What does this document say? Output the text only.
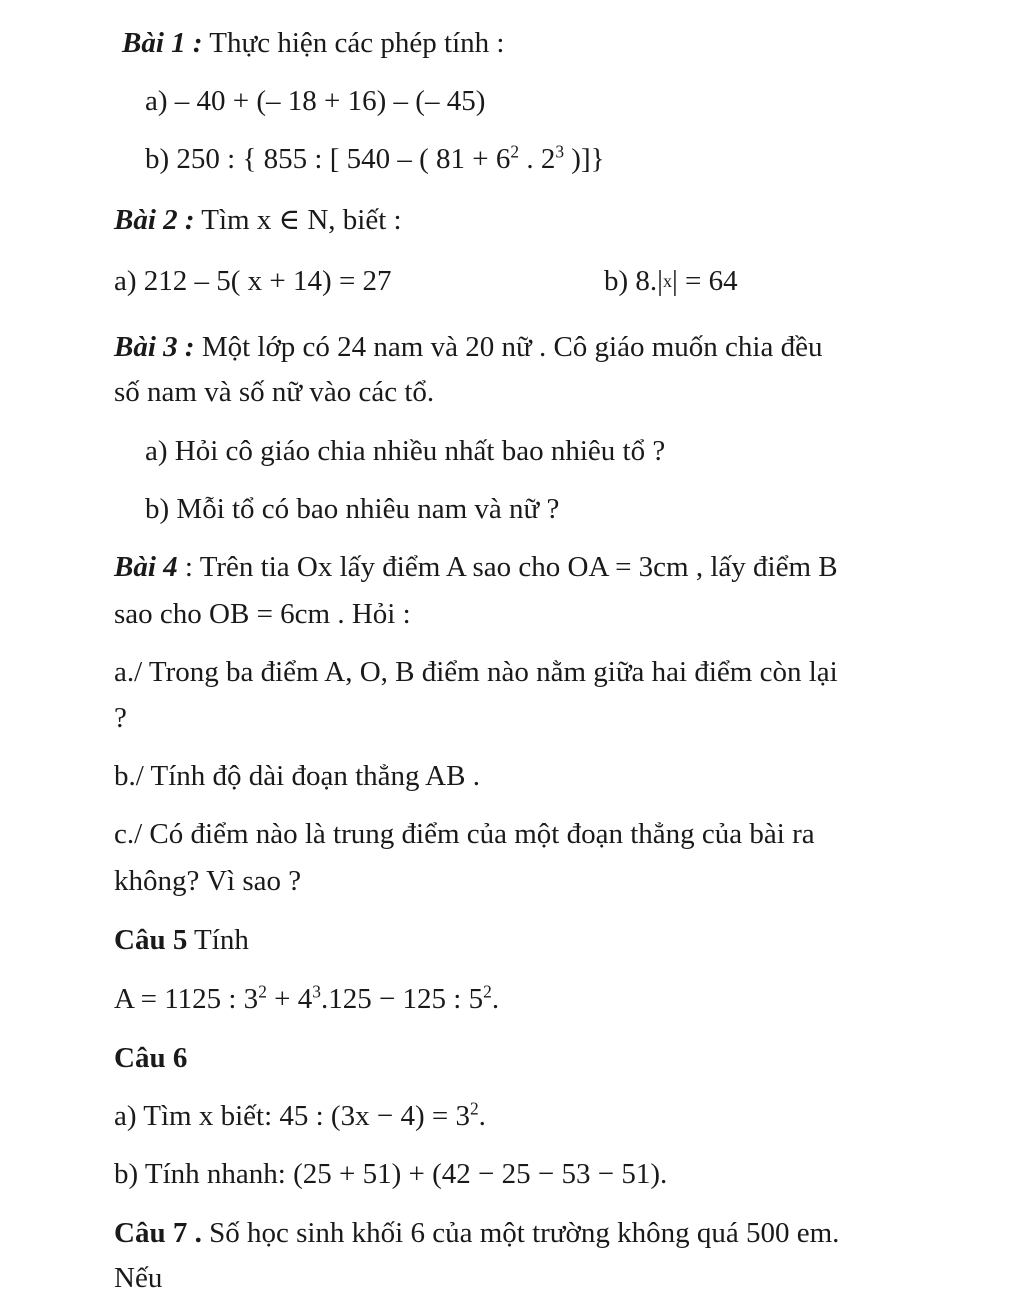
Bài 1 : Thực hiện các phép tính :
a) – 40 + (– 18 + 16) – (– 45)
b) 250 : { 855 : [ 540 – ( $81 + 6^2$ . $2^3$ )]}
Bài 2 : Tìm x ∈ N, biết :
a) 212 – 5( x + 14) = 27	b) 8.|x| = 64
Bài 3 : Một lớp có 24 nam và 20 nữ . Cô giáo muốn chia đều
số nam và số nữ vào các tổ.
a) Hỏi cô giáo chia nhiều nhất bao nhiêu tổ ?
b) Mỗi tổ có bao nhiêu nam và nữ ?
Bài 4 : Trên tia Ox lấy điểm A sao cho OA = 3cm , lấy điểm B
sao cho OB = 6cm . Hỏi :
a./ Trong ba điểm A, O, B điểm nào nằm giữa hai điểm còn lại
?
b./ Tính độ dài đoạn thẳng AB .
c./ Có điểm nào là trung điểm của một đoạn thẳng của bài ra
không? Vì sao ?
Câu 5 Tính
A = 1125 : $3^2 + 4^3.125 - 125$ : $5^2$.
Câu 6
a) Tìm x biết: 45 : $(3x - 4) = 3^2$.
b) Tính nhanh: (25 + 51) + (42 − 25 − 53 − 51).
Câu 7 . Số học sinh khối 6 của một trường không quá 500 em.
Nếu
